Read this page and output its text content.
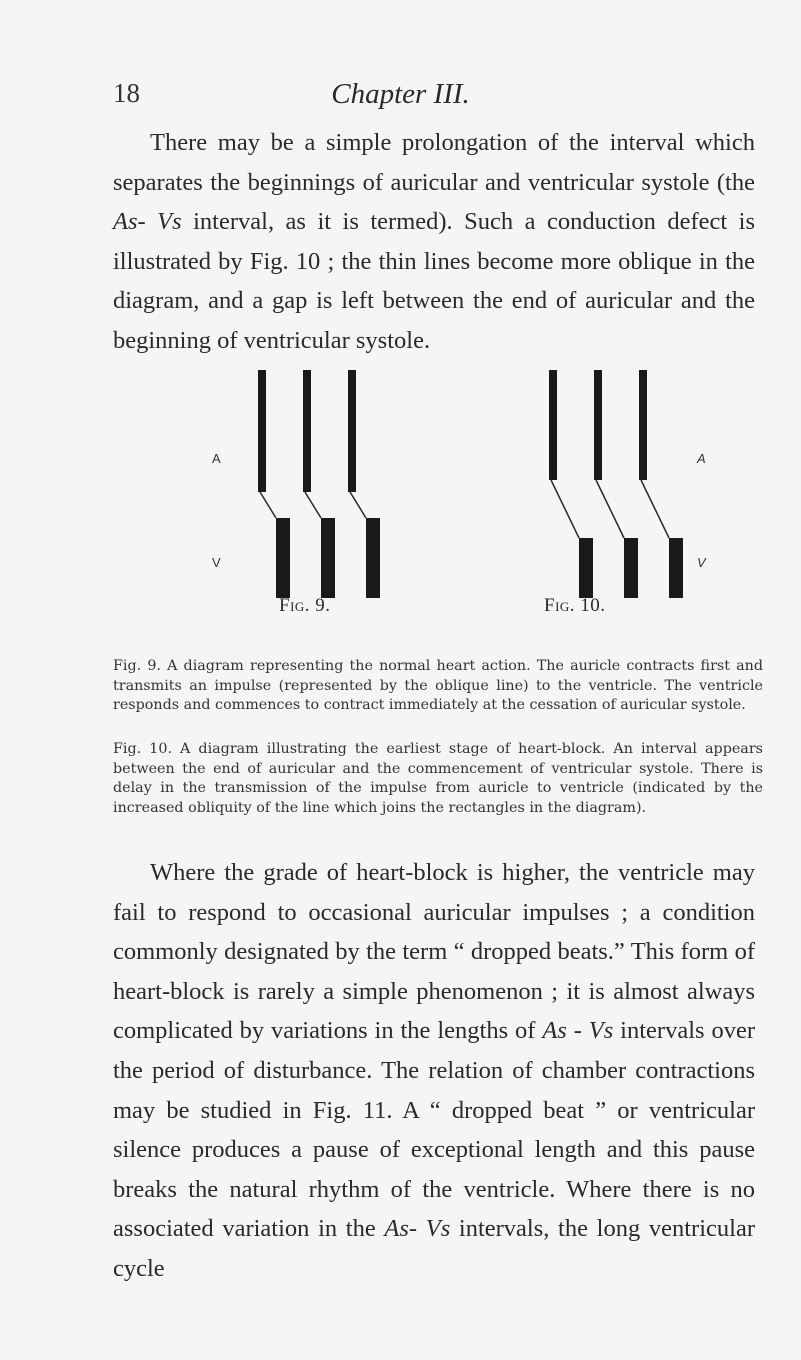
18	Chapter III.

There may be a simple prolongation of the interval which separates the beginnings of auricular and ventricular systole (the As- Vs interval, as it is termed). Such a conduction defect is illustrated by Fig. 10 ; the thin lines become more oblique in the diagram, and a gap is left between the end of auricular and the beginning of ventricular systole.

A
V
A
V
Fig. 9.	Fig. 10.

Fig. 9. A diagram representing the normal heart action. The auricle contracts first and transmits an impulse (represented by the oblique line) to the ventricle. The ventricle responds and commences to contract immediately at the cessation of auricular systole.

Fig. 10. A diagram illustrating the earliest stage of heart-block. An interval appears between the end of auricular and the commencement of ventricular systole. There is delay in the transmission of the impulse from auricle to ventricle (indicated by the increased obliquity of the line which joins the rectangles in the diagram).

Where the grade of heart-block is higher, the ventricle may fail to respond to occasional auricular impulses ; a condition commonly designated by the term “ dropped beats.” This form of heart-block is rarely a simple phenomenon ; it is almost always complicated by variations in the lengths of As - Vs intervals over the period of disturbance. The relation of chamber contractions may be studied in Fig. 11. A “ dropped beat ” or ventricular silence produces a pause of exceptional length and this pause breaks the natural rhythm of the ventricle. Where there is no associated variation in the As- Vs intervals, the long ventricular cycle
